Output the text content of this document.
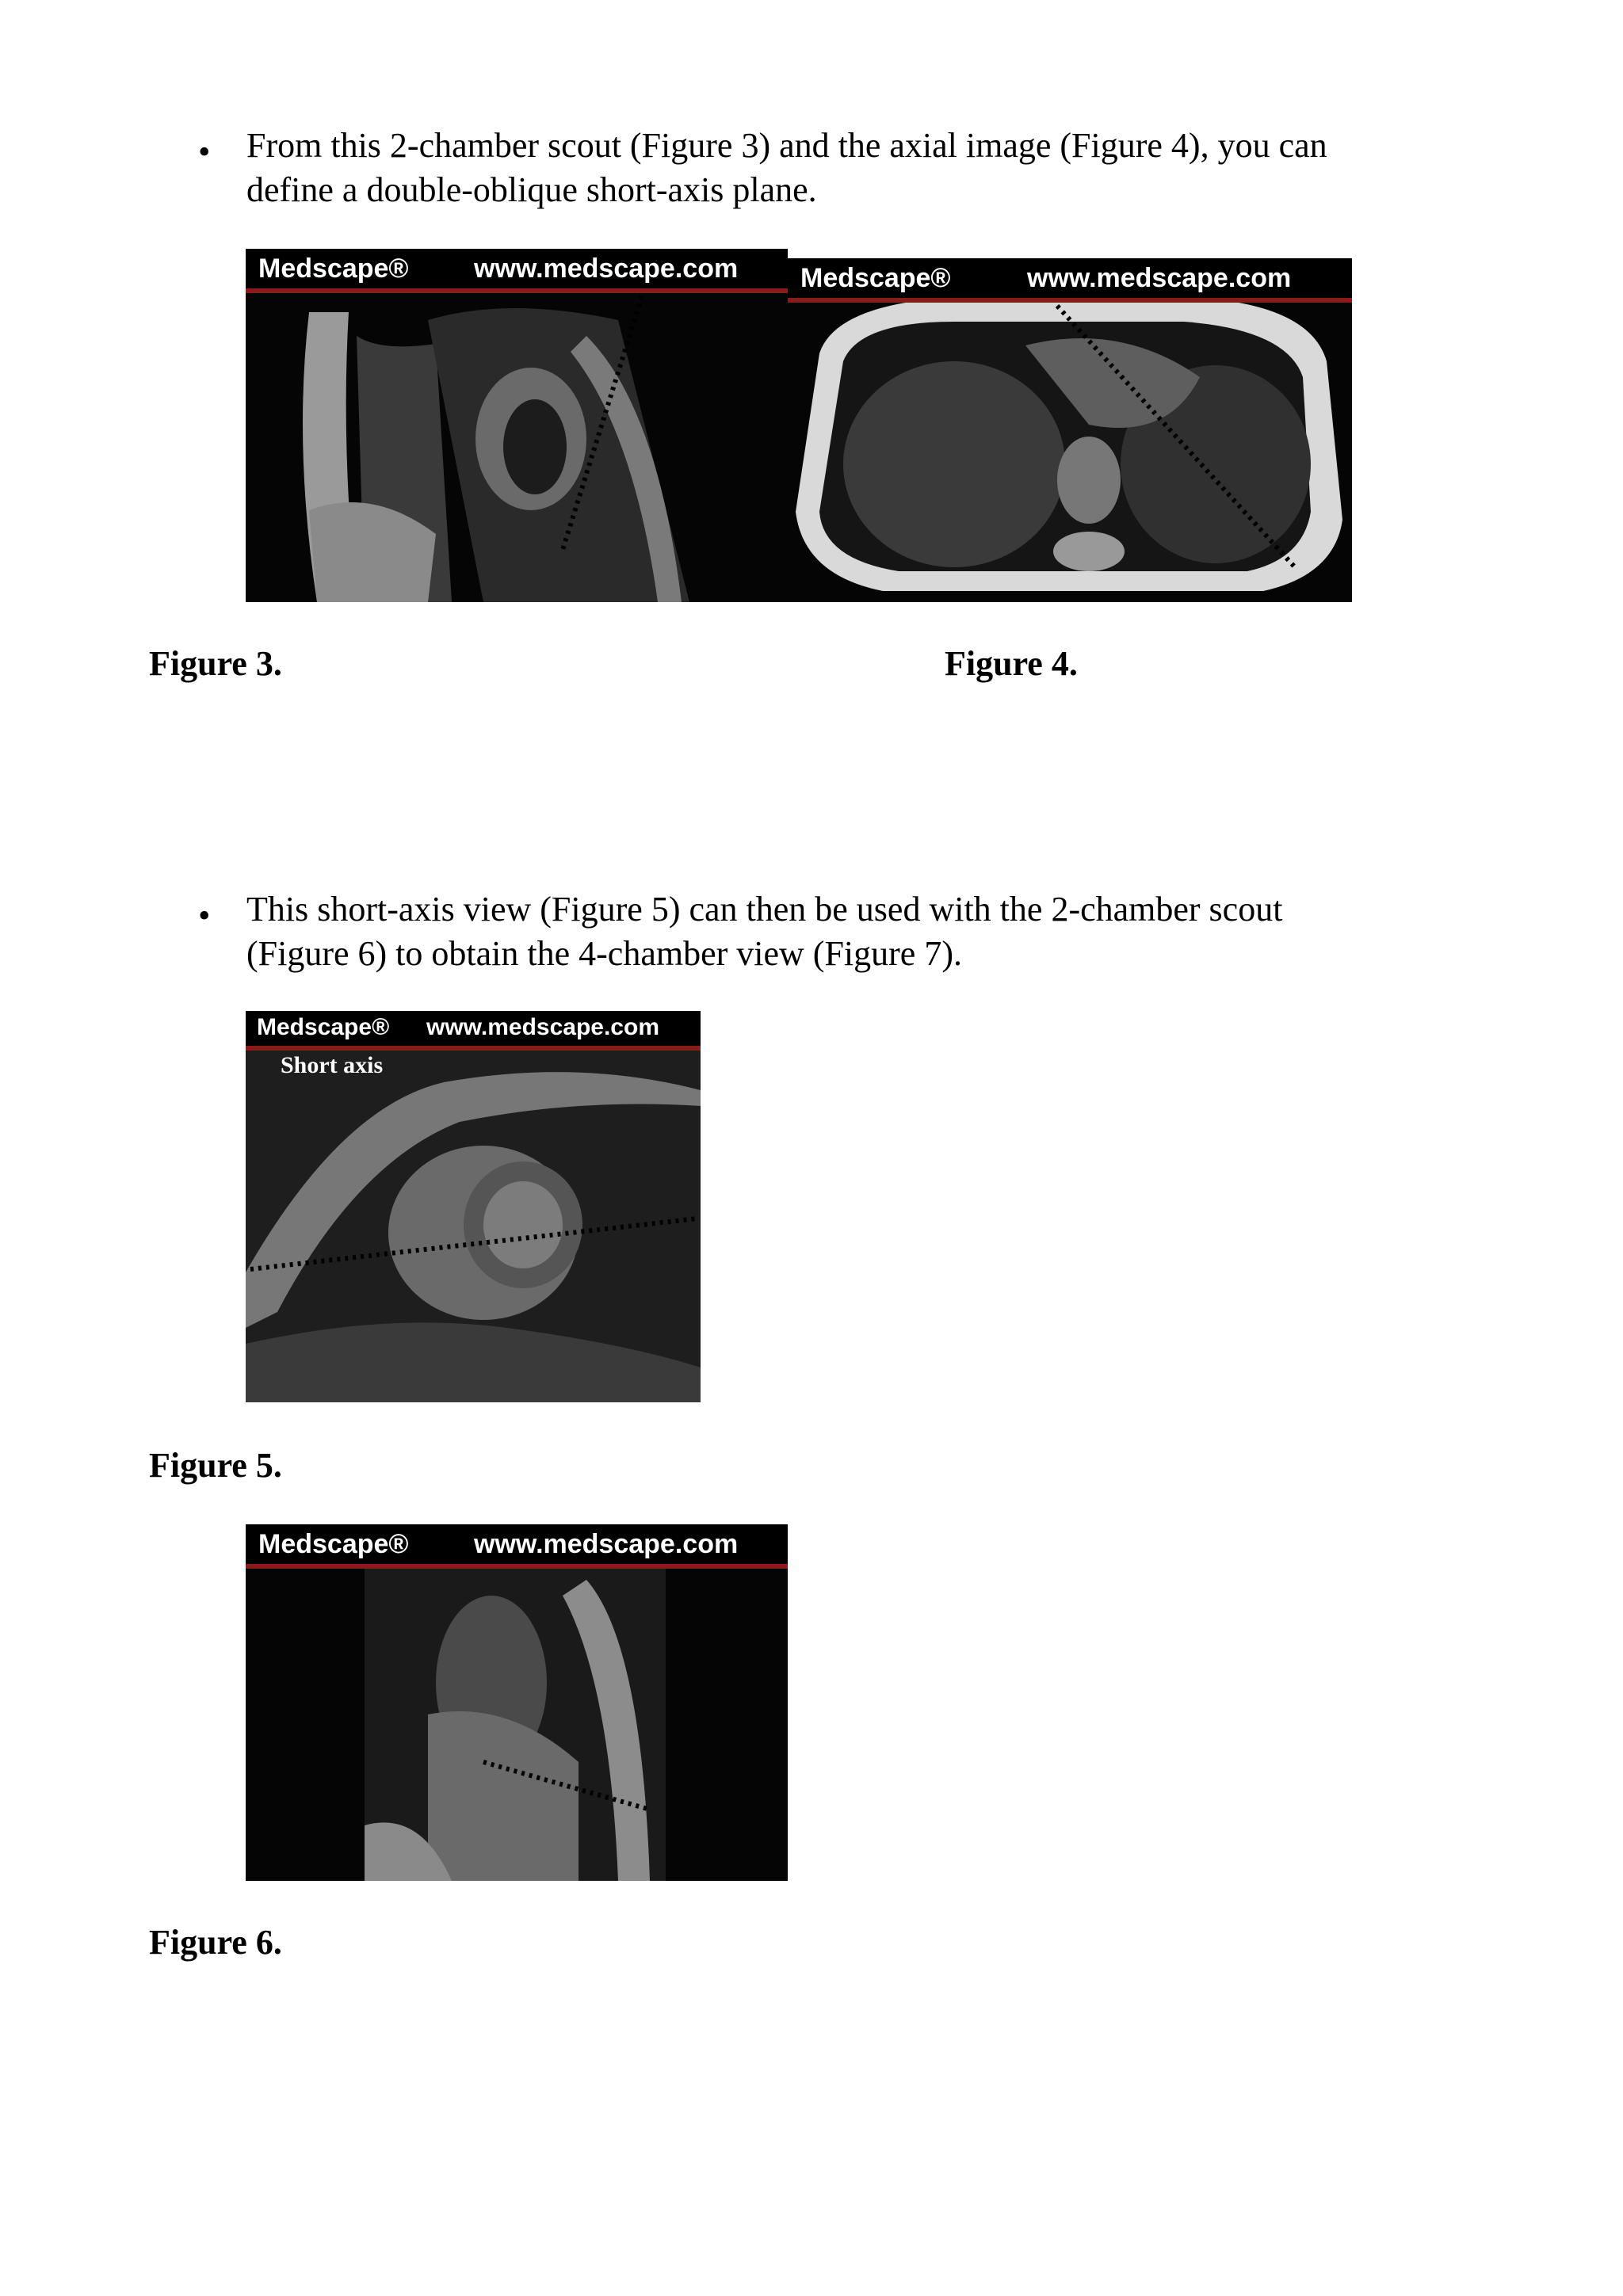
• From this 2-chamber scout (Figure 3) and the axial image (Figure 4), you can
define a double-oblique short-axis plane.
Medscape® www.medscape.com Medscape®	www.medscape.com
Figure 3.	Figure 4.
• This short-axis view (Figure 5) can then be used with the 2-chamber scout
(Figure 6) to obtain the 4-chamber view (Figure 7).
Medscape® www.medscape.com
Short axis
Figure 5.
Medscape® www.medscape.com
Figure 6.
